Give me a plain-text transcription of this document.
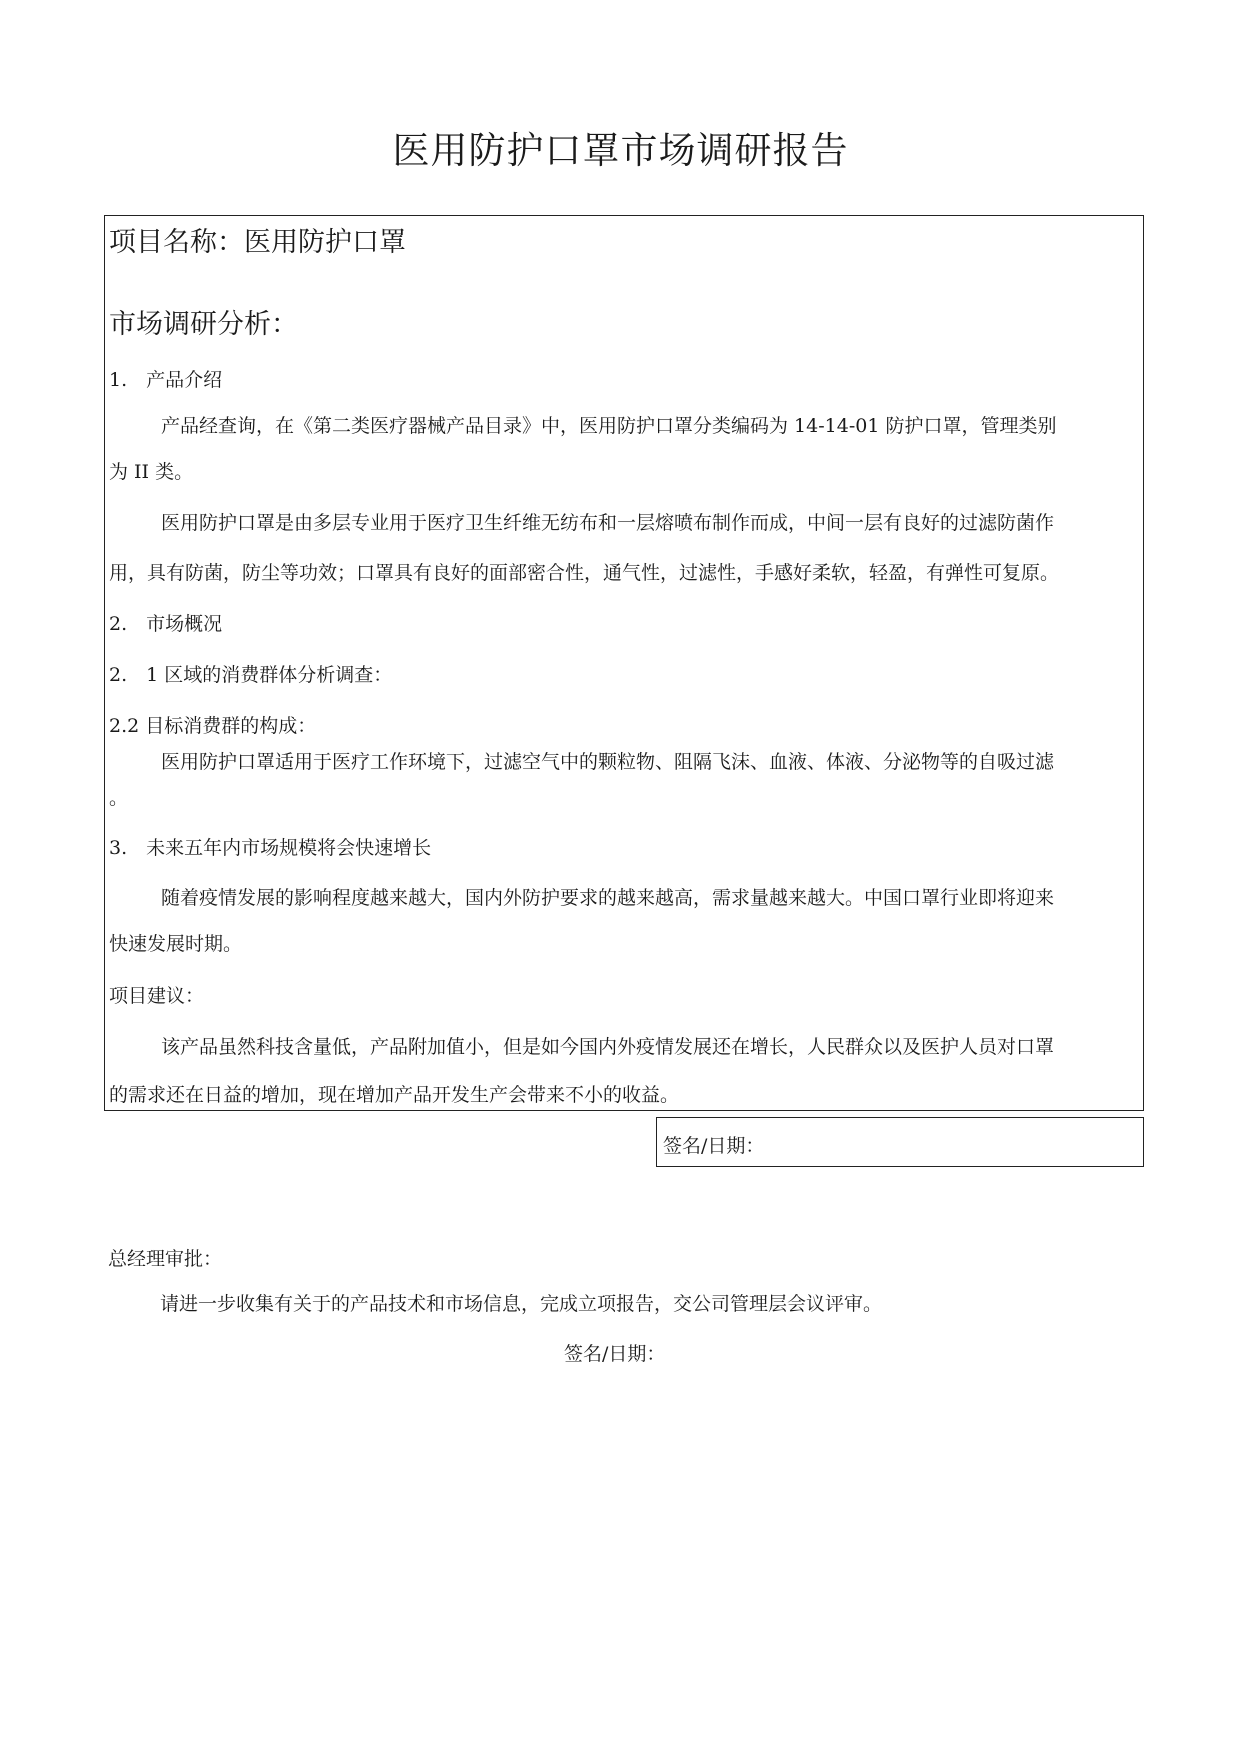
医用防护口罩市场调研报告
项目名称：医用防护口罩
市场调研分析：
1.　产品介绍
产品经查询，在《第二类医疗器械产品目录》中，医用防护口罩分类编码为 14-14-01 防护口罩，管理类别
为 II 类。
医用防护口罩是由多层专业用于医疗卫生纤维无纺布和一层熔喷布制作而成，中间一层有良好的过滤防菌作
用，具有防菌，防尘等功效；口罩具有良好的面部密合性，通气性，过滤性，手感好柔软，轻盈，有弹性可复原。
2.　市场概况
2.　1 区域的消费群体分析调查：
2.2 目标消费群的构成：
医用防护口罩适用于医疗工作环境下，过滤空气中的颗粒物、阻隔飞沫、血液、体液、分泌物等的自吸过滤
。
3.　未来五年内市场规模将会快速增长
随着疫情发展的影响程度越来越大，国内外防护要求的越来越高，需求量越来越大。中国口罩行业即将迎来
快速发展时期。
项目建议：
该产品虽然科技含量低，产品附加值小，但是如今国内外疫情发展还在增长，人民群众以及医护人员对口罩
的需求还在日益的增加，现在增加产品开发生产会带来不小的收益。
签名/日期：
总经理审批：
请进一步收集有关于的产品技术和市场信息，完成立项报告，交公司管理层会议评审。
签名/日期：
